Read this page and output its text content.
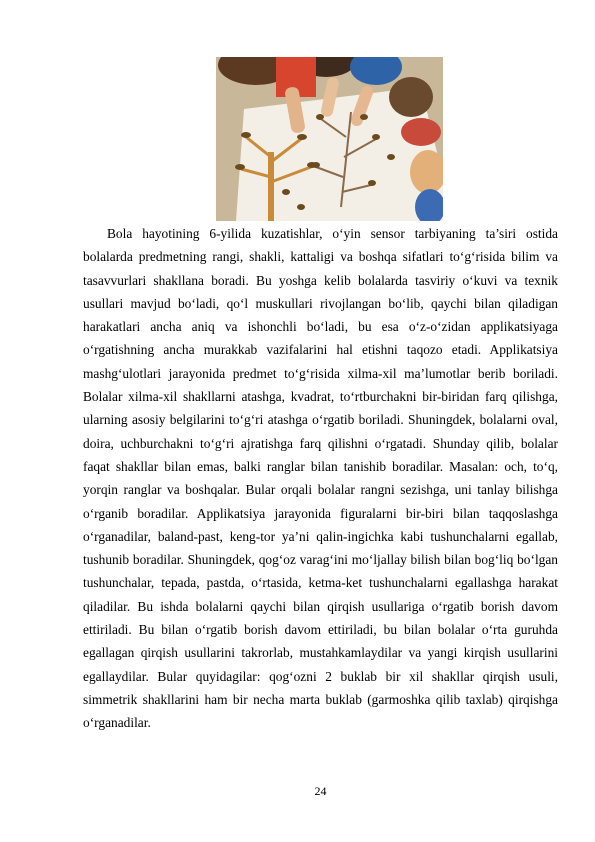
Bola hayotining 6-yilida kuzatishlar, o‘yin sensor tarbiyaning ta’siri ostida bolalarda predmetning rangi, shakli, kattaligi va boshqa sifatlari to‘g‘risida bilim va tasavvurlari shakllana boradi. Bu yoshga kelib bolalarda tasviriy o‘kuvi va texnik usullari mavjud bo‘ladi, qo‘l muskullari rivojlangan bo‘lib, qaychi bilan qiladigan harakatlari ancha aniq va ishonchli bo‘ladi, bu esa o‘z-o‘zidan applikatsiyaga o‘rgatishning ancha murakkab vazifalarini hal etishni taqozo etadi. Applikatsiya mashg‘ulotlari jarayonida predmet to‘g‘risida xilma-xil ma’lumotlar berib boriladi. Bolalar xilma-xil shakllarni atashga, kvadrat, to‘rtburchakni bir-biridan farq qilishga, ularning asosiy belgilarini to‘g‘ri atashga o‘rgatib boriladi. Shuningdek, bolalarni oval, doira, uchburchakni to‘g‘ri ajratishga farq qilishni o‘rgatadi. Shunday qilib, bolalar faqat shakllar bilan emas, balki ranglar bilan tanishib boradilar. Masalan: och, to‘q, yorqin ranglar va boshqalar. Bular orqali bolalar rangni sezishga, uni tanlay bilishga o‘rganib boradilar. Applikatsiya jarayonida figuralarni bir-biri bilan taqqoslashga o‘rganadilar, baland-past, keng-tor ya’ni qalin-ingichka kabi tushunchalarni egallab, tushunib boradilar. Shuningdek, qog‘oz varag‘ini mo‘ljallay bilish bilan bog‘liq bo‘lgan tushunchalar, tepada, pastda, o‘rtasida, ketma-ket tushunchalarni egallashga harakat qiladilar. Bu ishda bolalarni qaychi bilan qirqish usullariga o‘rgatib borish davom ettiriladi. Bu bilan o‘rgatib borish davom ettiriladi, bu bilan bolalar o‘rta guruhda egallagan qirqish usullarini takrorlab, mustahkamlaydilar va yangi kirqish usullarini egallaydilar. Bular quyidagilar: qog‘ozni 2 buklab bir xil shakllar qirqish usuli, simmetrik shakllarini ham bir necha marta buklab (garmoshka qilib taxlab) qirqishga o‘rganadilar.

24
